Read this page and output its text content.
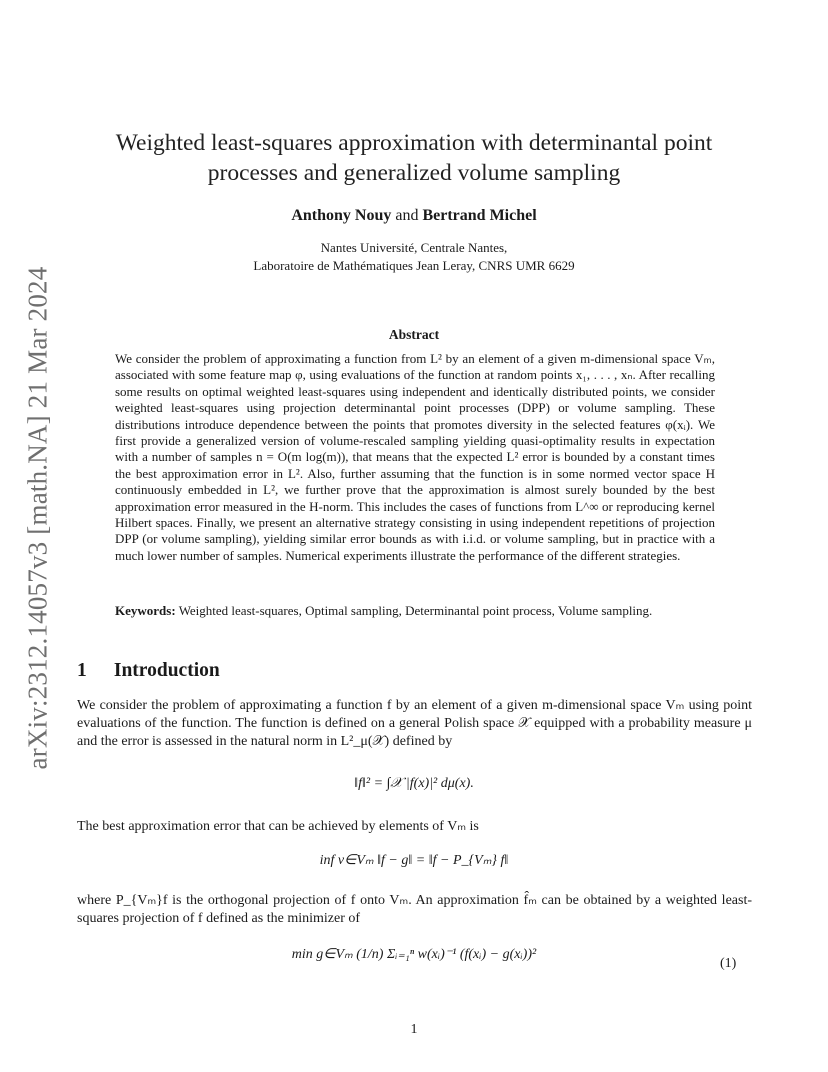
arXiv:2312.14057v3 [math.NA] 21 Mar 2024
Weighted least-squares approximation with determinantal point
processes and generalized volume sampling
Anthony Nouy and Bertrand Michel
Nantes Université, Centrale Nantes,
Laboratoire de Mathématiques Jean Leray, CNRS UMR 6629
Abstract
We consider the problem of approximating a function from L² by an element of a given m-dimensional space Vₘ, associated with some feature map φ, using evaluations of the function at random points x₁, . . . , xₙ. After recalling some results on optimal weighted least-squares using independent and identically distributed points, we consider weighted least-squares using projection determinantal point processes (DPP) or volume sampling. These distributions introduce dependence between the points that promotes diversity in the selected features φ(xᵢ). We first provide a generalized version of volume-rescaled sampling yielding quasi-optimality results in expectation with a number of samples n = O(m log(m)), that means that the expected L² error is bounded by a constant times the best approximation error in L². Also, further assuming that the function is in some normed vector space H continuously embedded in L², we further prove that the approximation is almost surely bounded by the best approximation error measured in the H-norm. This includes the cases of functions from L^∞ or reproducing kernel Hilbert spaces. Finally, we present an alternative strategy consisting in using independent repetitions of projection DPP (or volume sampling), yielding similar error bounds as with i.i.d. or volume sampling, but in practice with a much lower number of samples. Numerical experiments illustrate the performance of the different strategies.
Keywords: Weighted least-squares, Optimal sampling, Determinantal point process, Volume sampling.
1 Introduction
We consider the problem of approximating a function f by an element of a given m-dimensional space Vₘ using point evaluations of the function. The function is defined on a general Polish space 𝒳 equipped with a probability measure μ and the error is assessed in the natural norm in L²_μ(𝒳) defined by
‖f‖² = ∫𝒳 |f(x)|² dμ(x).
The best approximation error that can be achieved by elements of Vₘ is
inf v∈Vₘ ‖f − g‖ = ‖f − P_{Vₘ} f‖
where P_{Vₘ}f is the orthogonal projection of f onto Vₘ. An approximation f̂ₘ can be obtained by a weighted least-squares projection of f defined as the minimizer of
min g∈Vₘ (1/n) Σᵢ₌₁ⁿ w(xᵢ)⁻¹ (f(xᵢ) − g(xᵢ))²
(1)
1
